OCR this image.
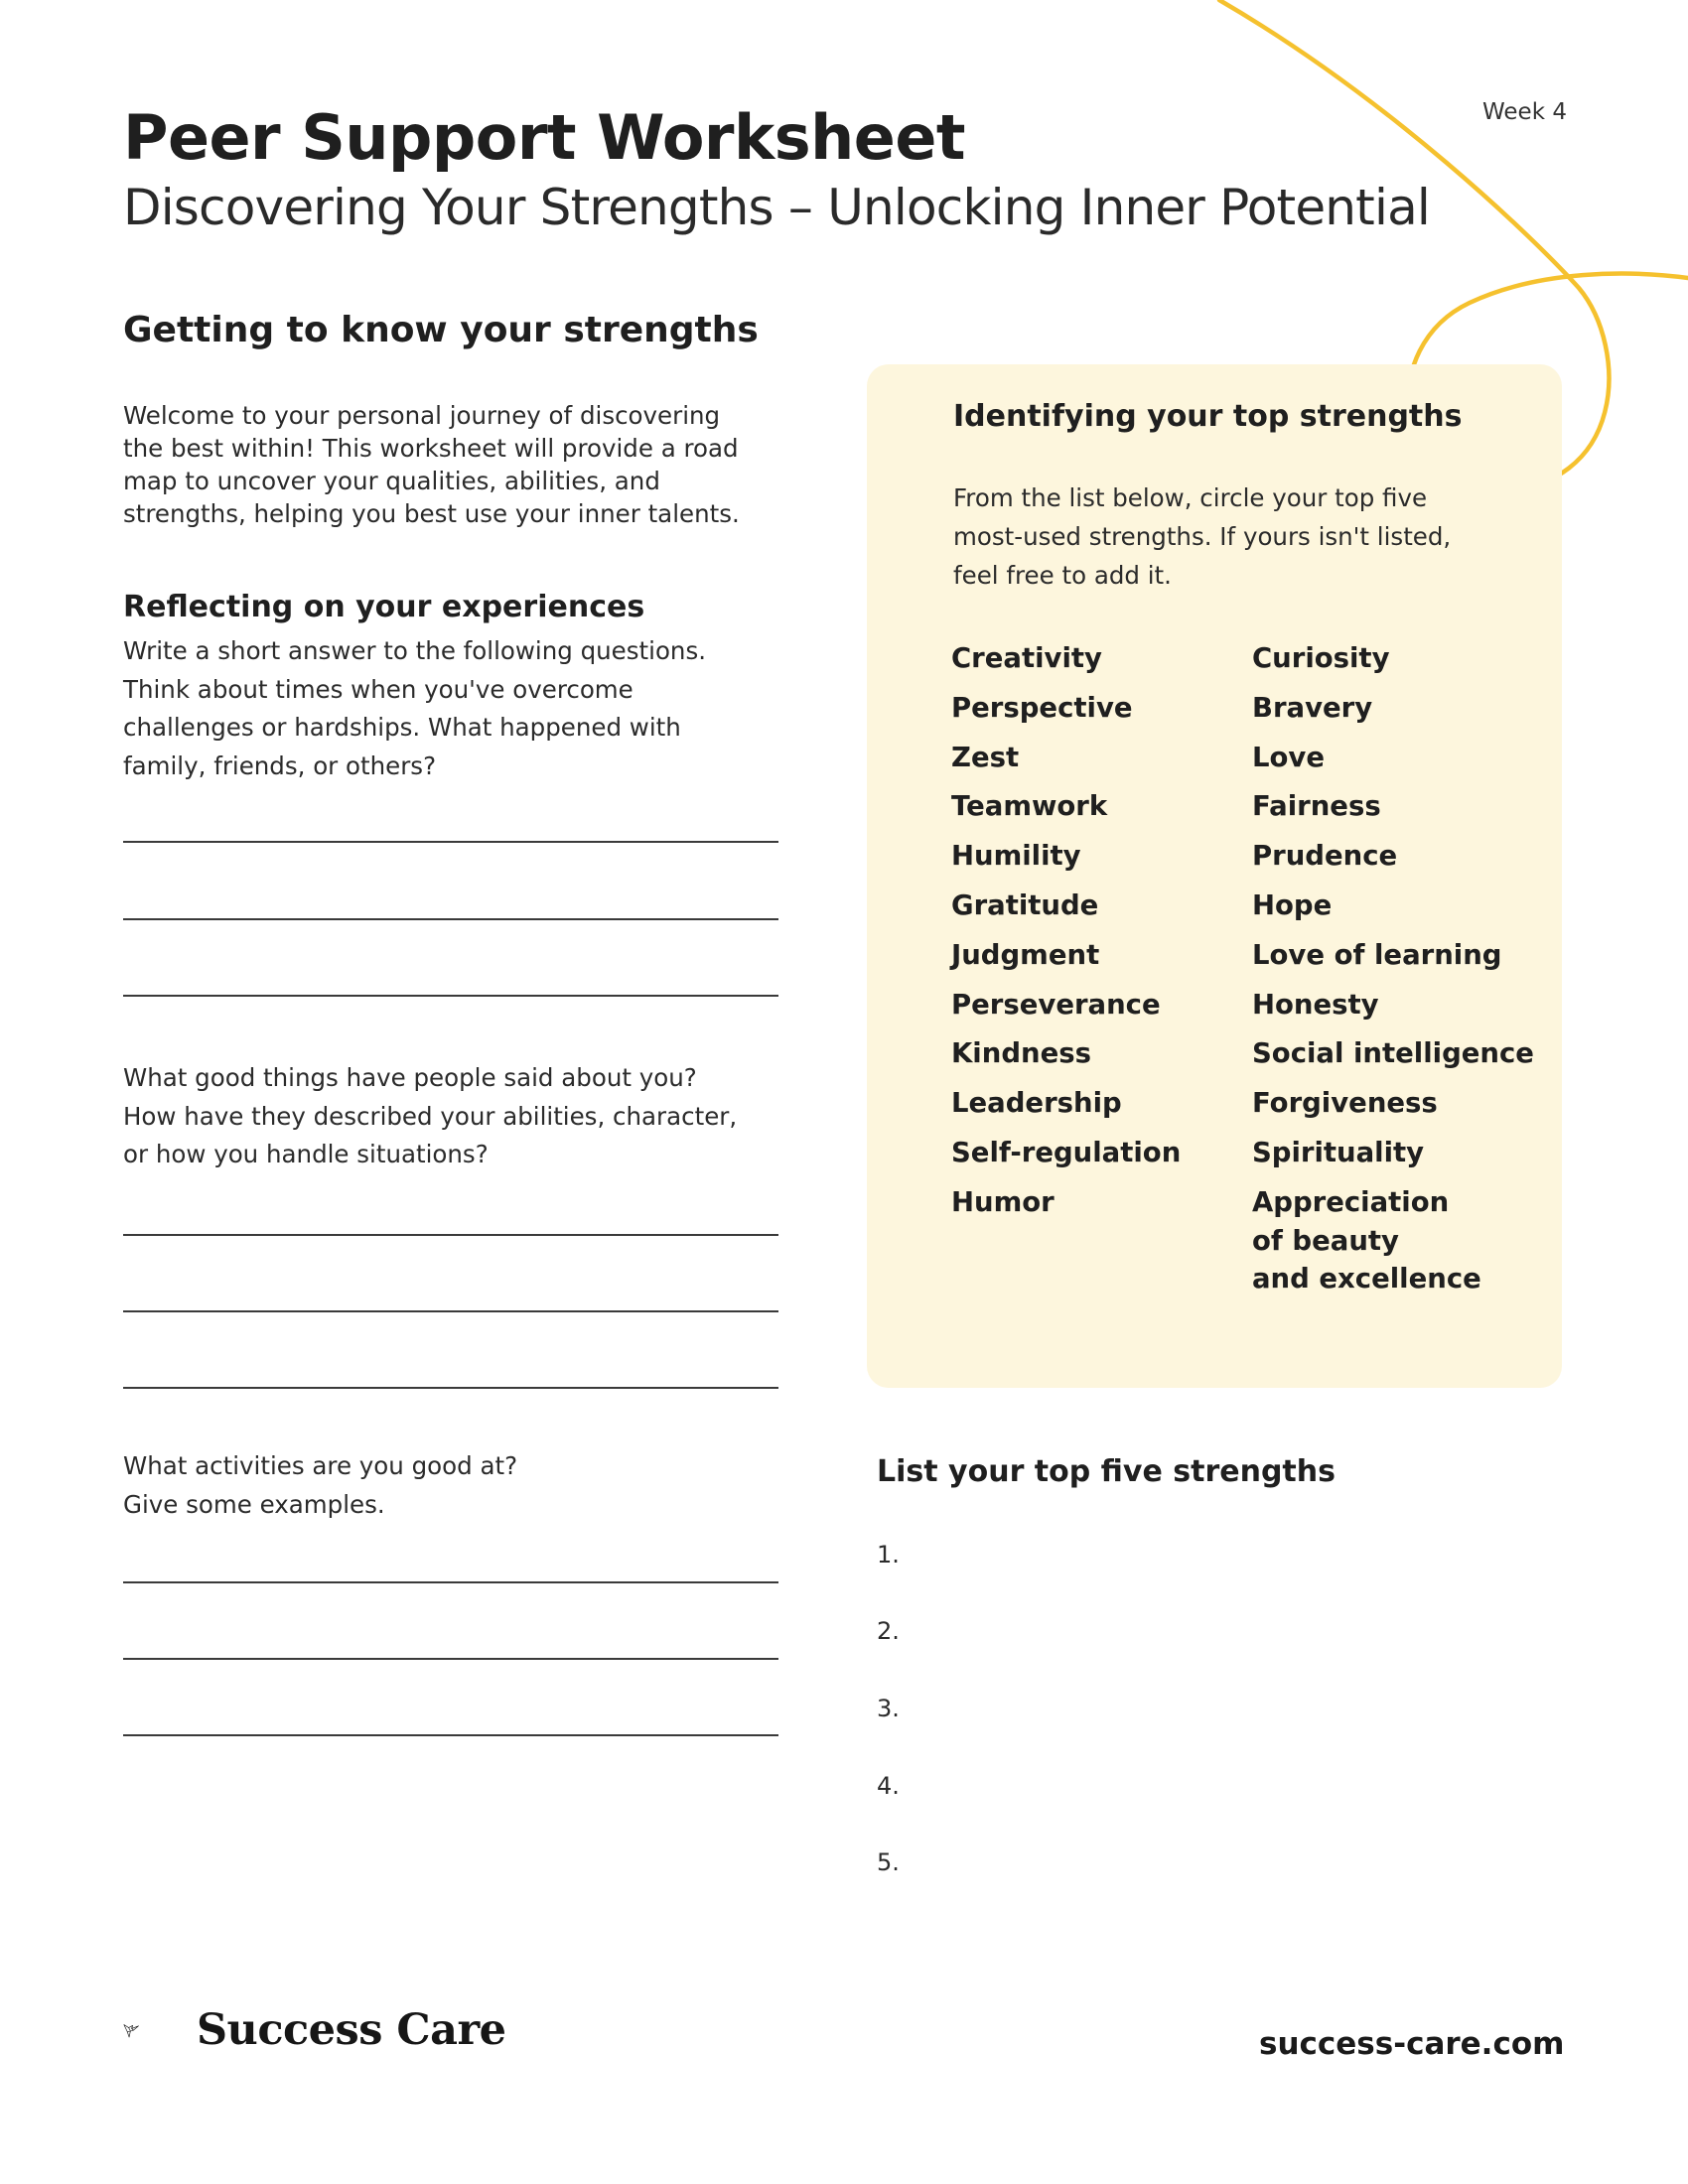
Week 4
Peer Support Worksheet
Discovering Your Strengths – Unlocking Inner Potential
Getting to know your strengths
Welcome to your personal journey of discovering the best within! This worksheet will provide a road map to uncover your qualities, abilities, and strengths, helping you best use your inner talents.
Reflecting on your experiences
Write a short answer to the following questions. Think about times when you've overcome challenges or hardships. What happened with family, friends, or others?
What good things have people said about you? How have they described your abilities, character, or how you handle situations?
What activities are you good at? Give some examples.
Identifying your top strengths
From the list below, circle your top five most-used strengths. If yours isn't listed, feel free to add it.
Creativity
Perspective
Zest
Teamwork
Humility
Gratitude
Judgment
Perseverance
Kindness
Leadership
Self-regulation
Humor
Curiosity
Bravery
Love
Fairness
Prudence
Hope
Love of learning
Honesty
Social intelligence
Forgiveness
Spirituality
Appreciation
of beauty
and excellence
List your top five strengths
1.
2.
3.
4.
5.
Success Care	success-care.com
